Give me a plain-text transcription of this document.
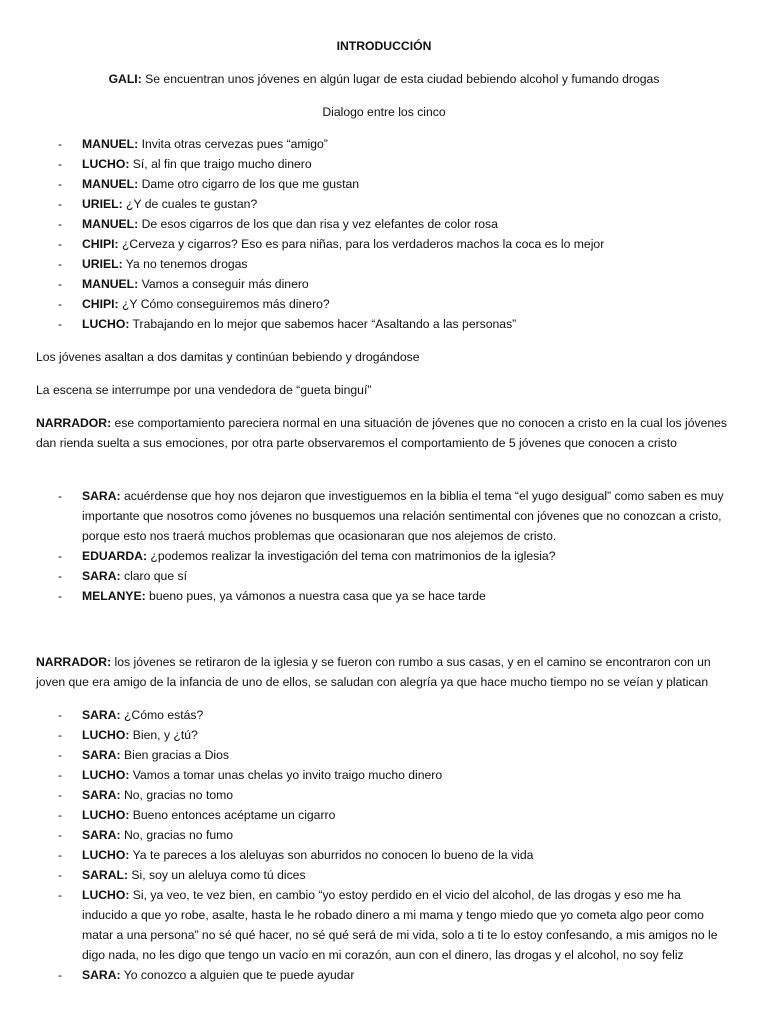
INTRODUCCIÓN
GALI: Se encuentran unos jóvenes en algún lugar de esta ciudad bebiendo alcohol y fumando drogas
Dialogo entre los cinco
- MANUEL: Invita otras cervezas pues “amigo”
- LUCHO: Sí, al fin que traigo mucho dinero
- MANUEL: Dame otro cigarro de los que me gustan
- URIEL: ¿Y de cuales te gustan?
- MANUEL: De esos cigarros de los que dan risa y vez elefantes de color rosa
- CHIPI: ¿Cerveza y cigarros? Eso es para niñas, para los verdaderos machos la coca es lo mejor
- URIEL: Ya no tenemos drogas
- MANUEL: Vamos a conseguir más dinero
- CHIPI: ¿Y Cómo conseguiremos más dinero?
- LUCHO: Trabajando en lo mejor que sabemos hacer “Asaltando a las personas”
Los jóvenes asaltan a dos damitas y continúan bebiendo y drogándose
La escena se interrumpe por una vendedora de “gueta binguí”
NARRADOR: ese comportamiento pareciera normal en una situación de jóvenes que no conocen a cristo en la cual los jóvenes dan rienda suelta a sus emociones, por otra parte observaremos el comportamiento de 5 jóvenes que conocen a cristo
- SARA: acuérdense que hoy nos dejaron que investiguemos en la biblia el tema “el yugo desigual” como saben es muy importante que nosotros como jóvenes no busquemos una relación sentimental con jóvenes que no conozcan a cristo, porque esto nos traerá muchos problemas que ocasionaran que nos alejemos de cristo.
- EDUARDA: ¿podemos realizar la investigación del tema con matrimonios de la iglesia?
- SARA: claro que sí
- MELANYE: bueno pues, ya vámonos a nuestra casa que ya se hace tarde
NARRADOR: los jóvenes se retiraron de la iglesia y se fueron con rumbo a sus casas, y en el camino se encontraron con un joven que era amigo de la infancia de uno de ellos, se saludan con alegría ya que hace mucho tiempo no se veían y platican
- SARA: ¿Cómo estás?
- LUCHO: Bien, y ¿tú?
- SARA: Bien gracias a Dios
- LUCHO: Vamos a tomar unas chelas yo invito traigo mucho dinero
- SARA: No, gracias no tomo
- LUCHO: Bueno entonces acéptame un cigarro
- SARA: No, gracias no fumo
- LUCHO: Ya te pareces a los aleluyas son aburridos no conocen lo bueno de la vida
- SARAL: Si, soy un aleluya como tú dices
- LUCHO: Si, ya veo, te vez bien, en cambio “yo estoy perdido en el vicio del alcohol, de las drogas y eso me ha inducido a que yo robe, asalte, hasta le he robado dinero a mi mama y tengo miedo que yo cometa algo peor como matar a una persona” no sé qué hacer, no sé qué será de mi vida, solo a ti te lo estoy confesando, a mis amigos no le digo nada, no les digo que tengo un vacío en mi corazón, aun con el dinero, las drogas y el alcohol, no soy feliz
- SARA: Yo conozco a alguien que te puede ayudar
